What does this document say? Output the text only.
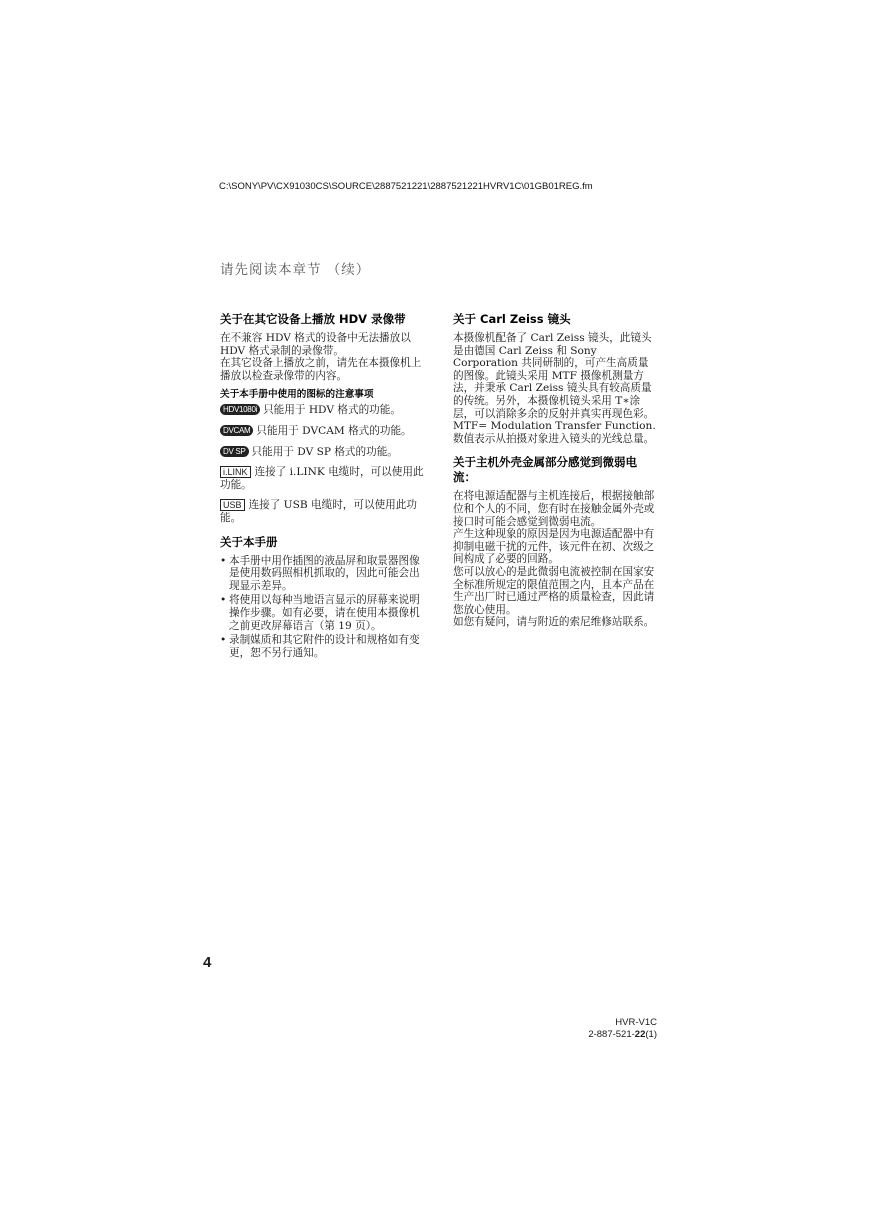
C:\SONY\PV\CX91030CS\SOURCE\2887521221\2887521221HVRV1C\01GB01REG.fm
请先阅读本章节 （续）
关于在其它设备上播放 HDV 录像带

在不兼容 HDV 格式的设备中无法播放以 HDV 格式录制的录像带。

在其它设备上播放之前，请先在本摄像机上播放以检查录像带的内容。

关于本手册中使用的图标的注意事项
HDV1080i 只能用于 HDV 格式的功能。
DVCAM 只能用于 DVCAM 格式的功能。
DV SP 只能用于 DV SP 格式的功能。
i.LINK 连接了 i.LINK 电缆时，可以使用此功能。
USB 连接了 USB 电缆时，可以使用此功能。
关于本手册
• 本手册中用作插图的液晶屏和取景器图像是使用数码照相机抓取的，因此可能会出现显示差异。
• 将使用以每种当地语言显示的屏幕来说明操作步骤。如有必要，请在使用本摄像机之前更改屏幕语言（第 19 页）。
• 录制媒质和其它附件的设计和规格如有变更，恕不另行通知。
关于 Carl Zeiss 镜头

本摄像机配备了 Carl Zeiss 镜头，此镜头是由德国 Carl Zeiss 和 Sony Corporation 共同研制的，可产生高质量的图像。此镜头采用 MTF 摄像机测量方法，并秉承 Carl Zeiss 镜头具有较高质量的传统。另外，本摄像机镜头采用 T∗涂层，可以消除多余的反射并真实再现色彩。

MTF= Modulation Transfer Function. 数值表示从拍摄对象进入镜头的光线总量。

关于主机外壳金属部分感觉到微弱电流：

在将电源适配器与主机连接后，根据接触部位和个人的不同，您有时在接触金属外壳或接口时可能会感觉到微弱电流。

产生这种现象的原因是因为电源适配器中有抑制电磁干扰的元件，该元件在初、次级之间构成了必要的回路。

您可以放心的是此微弱电流被控制在国家安全标准所规定的限值范围之内，且本产品在生产出厂时已通过严格的质量检查，因此请您放心使用。

如您有疑问，请与附近的索尼维修站联系。

4
HVR-V1C
2-887-521-22(1)
